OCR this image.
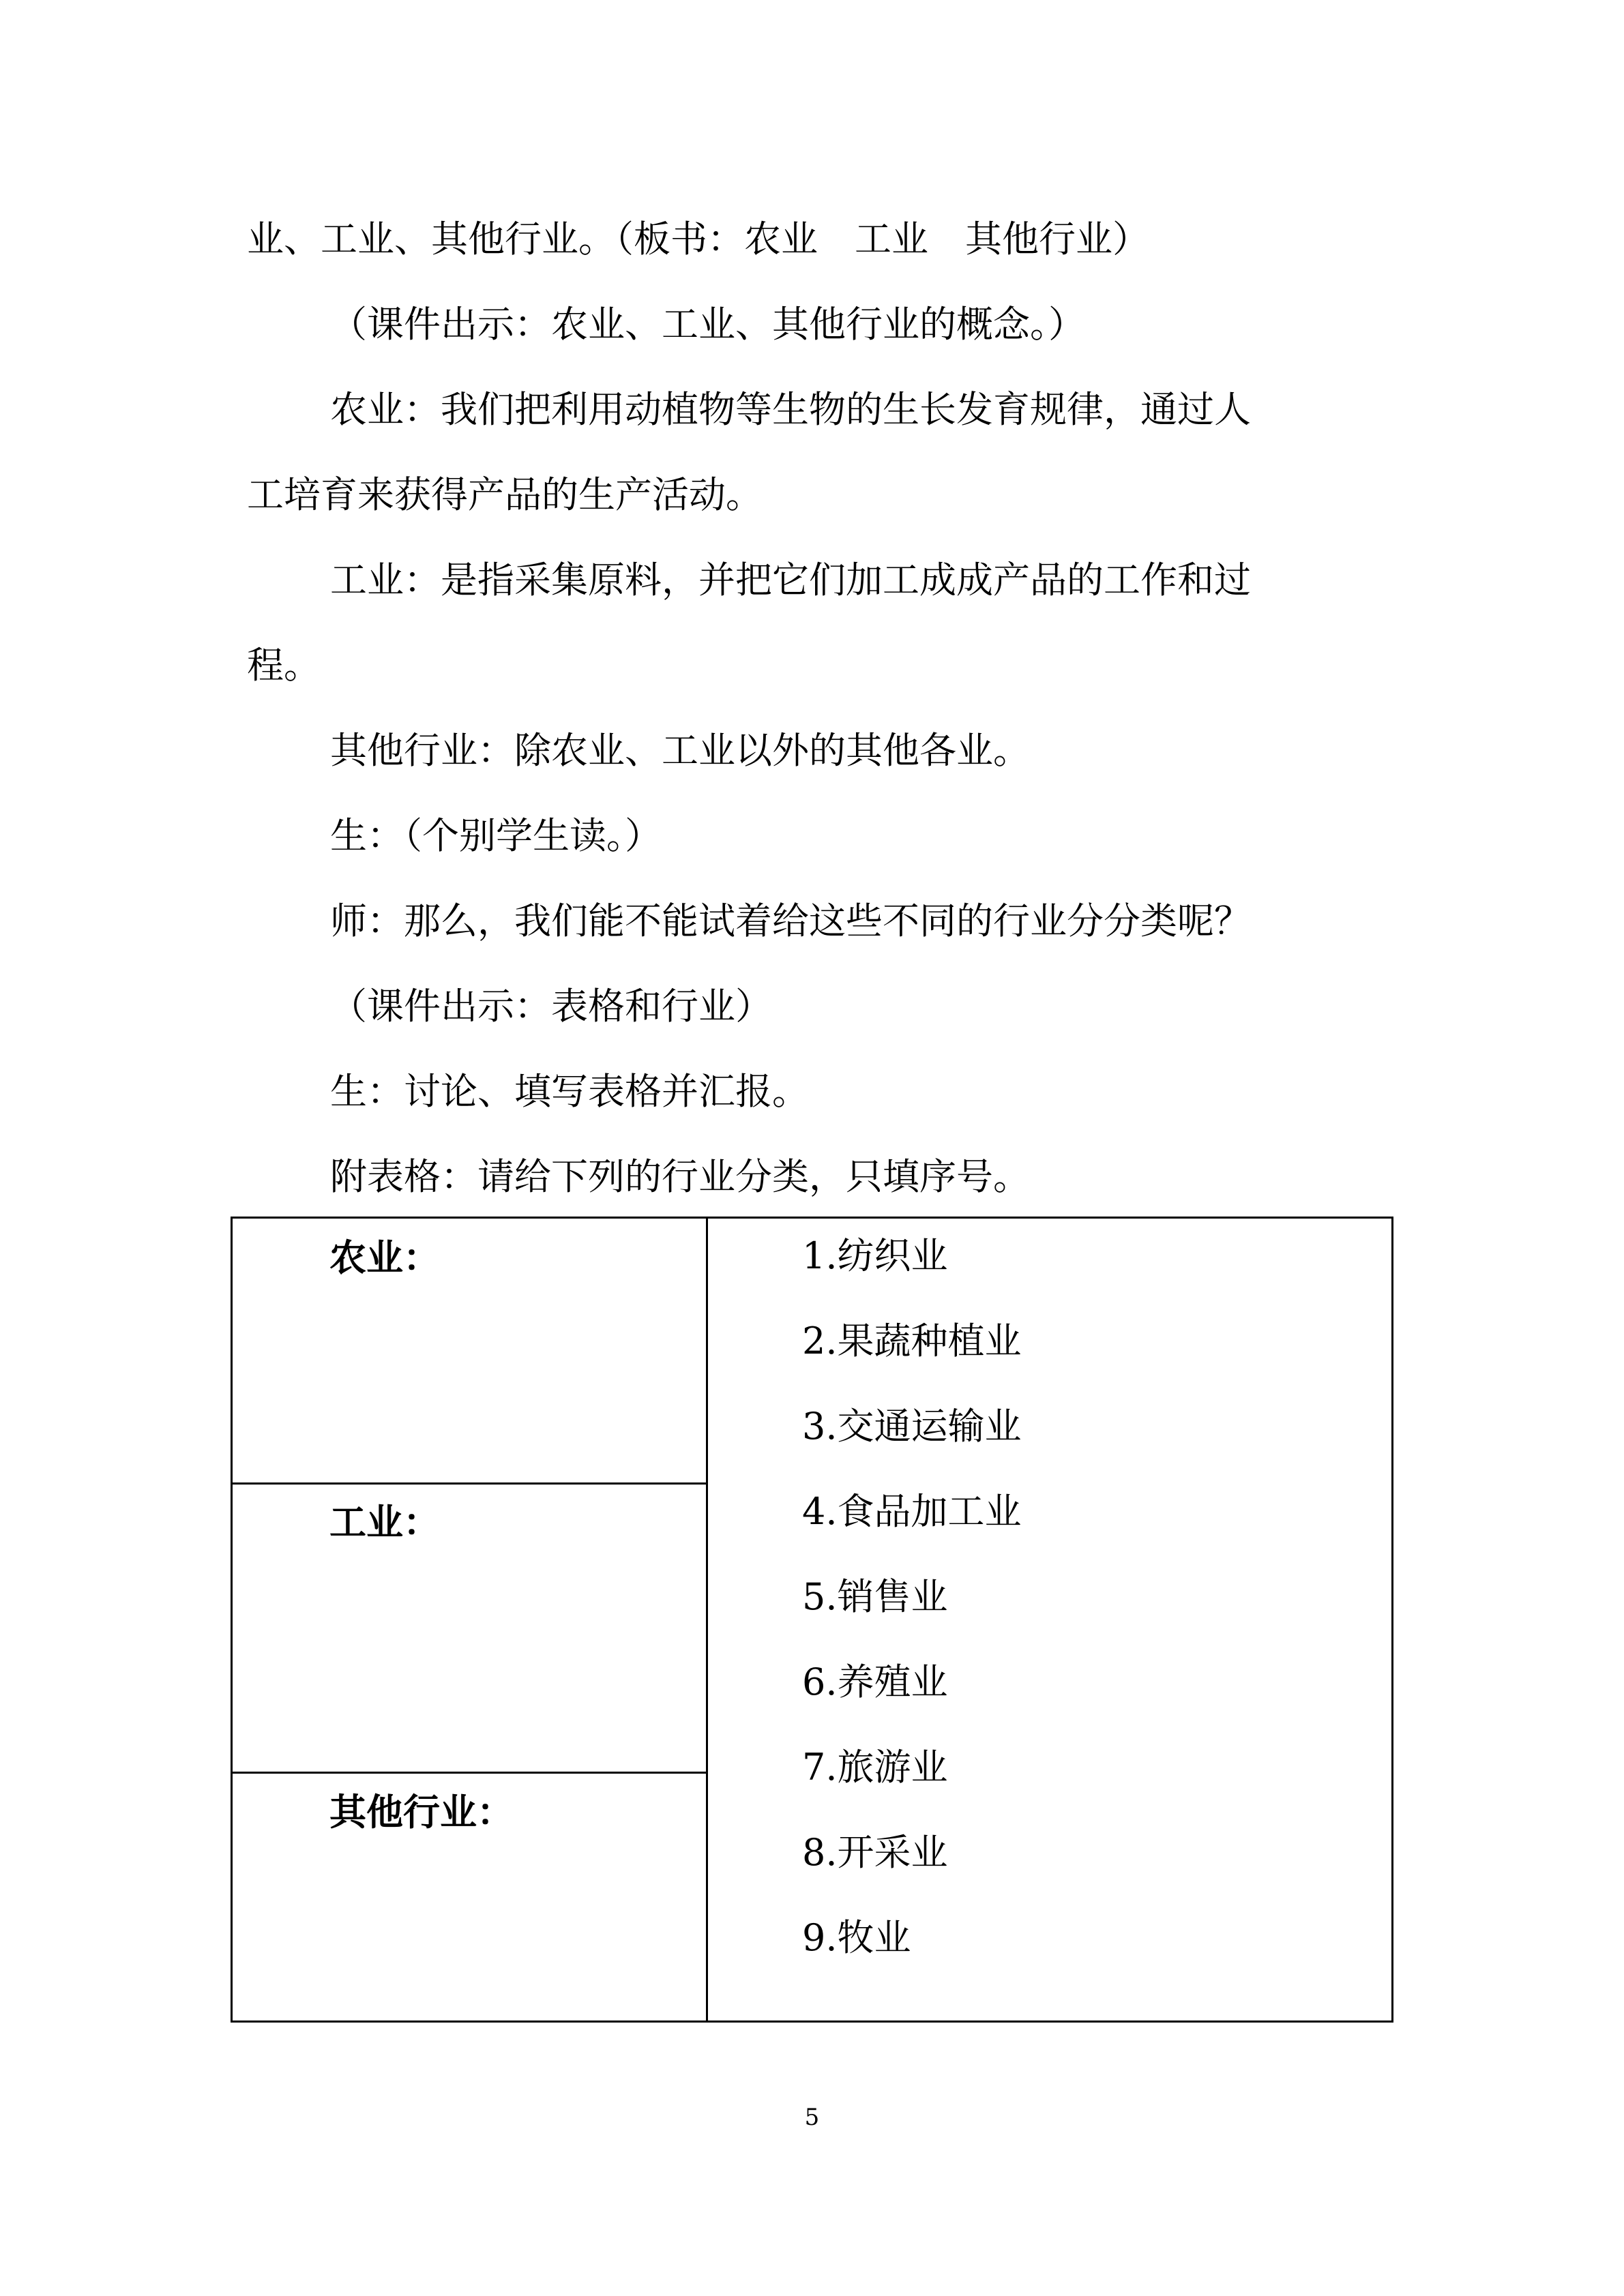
业、工业、其他行业。（板书：农业　工业　其他行业）

（课件出示：农业、工业、其他行业的概念。）

农业：我们把利用动植物等生物的生长发育规律，通过人

工培育来获得产品的生产活动。

工业：是指采集原料，并把它们加工成成产品的工作和过

程。

其他行业：除农业、工业以外的其他各业。

生：（个别学生读。）

师：那么，我们能不能试着给这些不同的行业分分类呢？

（课件出示：表格和行业）

生：讨论、填写表格并汇报。

附表格：请给下列的行业分类，只填序号。

农业：

工业：

其他行业：

1.纺织业
2.果蔬种植业
3.交通运输业
4.食品加工业
5.销售业
6.养殖业
7.旅游业
8.开采业
9.牧业
5
